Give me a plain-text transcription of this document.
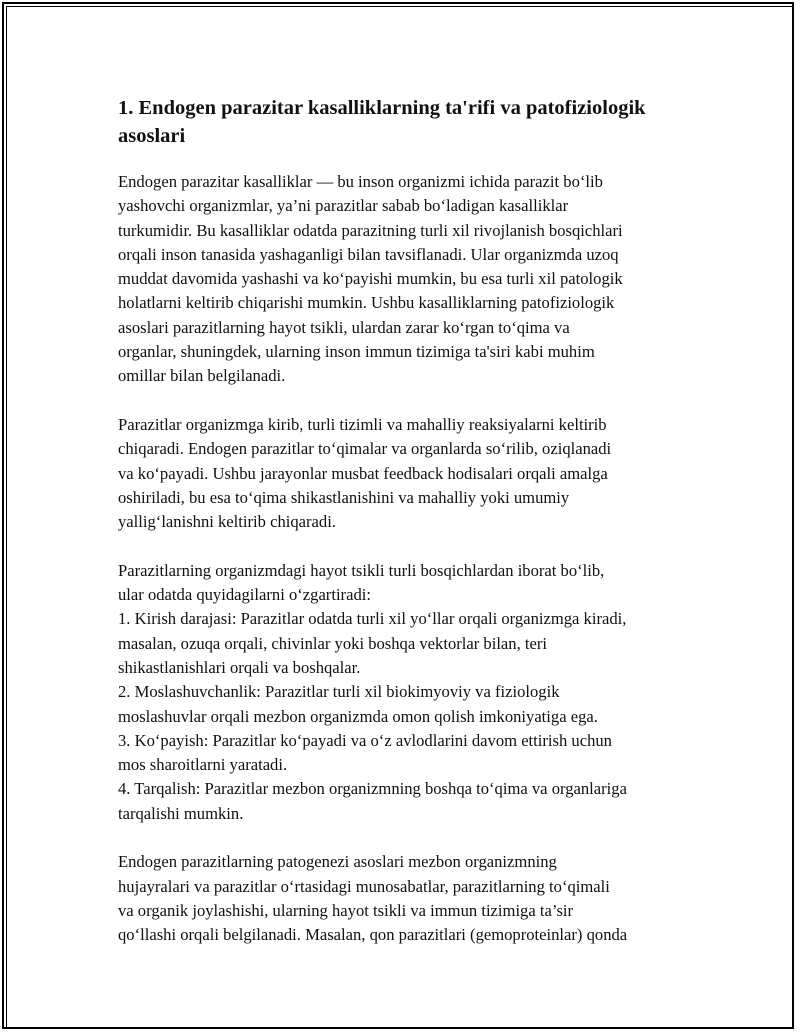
1. Endogen parazitar kasalliklarning ta'rifi va patofiziologik
asoslari

Endogen parazitar kasalliklar — bu inson organizmi ichida parazit bo‘lib
yashovchi organizmlar, ya’ni parazitlar sabab bo‘ladigan kasalliklar
turkumidir. Bu kasalliklar odatda parazitning turli xil rivojlanish bosqichlari
orqali inson tanasida yashaganligi bilan tavsiflanadi. Ular organizmda uzoq
muddat davomida yashashi va ko‘payishi mumkin, bu esa turli xil patologik
holatlarni keltirib chiqarishi mumkin. Ushbu kasalliklarning patofiziologik
asoslari parazitlarning hayot tsikli, ulardan zarar ko‘rgan to‘qima va
organlar, shuningdek, ularning inson immun tizimiga ta'siri kabi muhim
omillar bilan belgilanadi.

Parazitlar organizmga kirib, turli tizimli va mahalliy reaksiyalarni keltirib
chiqaradi. Endogen parazitlar to‘qimalar va organlarda so‘rilib, oziqlanadi
va ko‘payadi. Ushbu jarayonlar musbat feedback hodisalari orqali amalga
oshiriladi, bu esa to‘qima shikastlanishini va mahalliy yoki umumiy
yallig‘lanishni keltirib chiqaradi.

Parazitlarning organizmdagi hayot tsikli turli bosqichlardan iborat bo‘lib,
ular odatda quyidagilarni o‘zgartiradi:
1. Kirish darajasi: Parazitlar odatda turli xil yo‘llar orqali organizmga kiradi,
masalan, ozuqa orqali, chivinlar yoki boshqa vektorlar bilan, teri
shikastlanishlari orqali va boshqalar.
2. Moslashuvchanlik: Parazitlar turli xil biokimyoviy va fiziologik
moslashuvlar orqali mezbon organizmda omon qolish imkoniyatiga ega.
3. Ko‘payish: Parazitlar ko‘payadi va o‘z avlodlarini davom ettirish uchun
mos sharoitlarni yaratadi.
4. Tarqalish: Parazitlar mezbon organizmning boshqa to‘qima va organlariga
tarqalishi mumkin.

Endogen parazitlarning patogenezi asoslari mezbon organizmning
hujayralari va parazitlar o‘rtasidagi munosabatlar, parazitlarning to‘qimali
va organik joylashishi, ularning hayot tsikli va immun tizimiga ta’sir
qo‘llashi orqali belgilanadi. Masalan, qon parazitlari (gemoproteinlar) qonda
